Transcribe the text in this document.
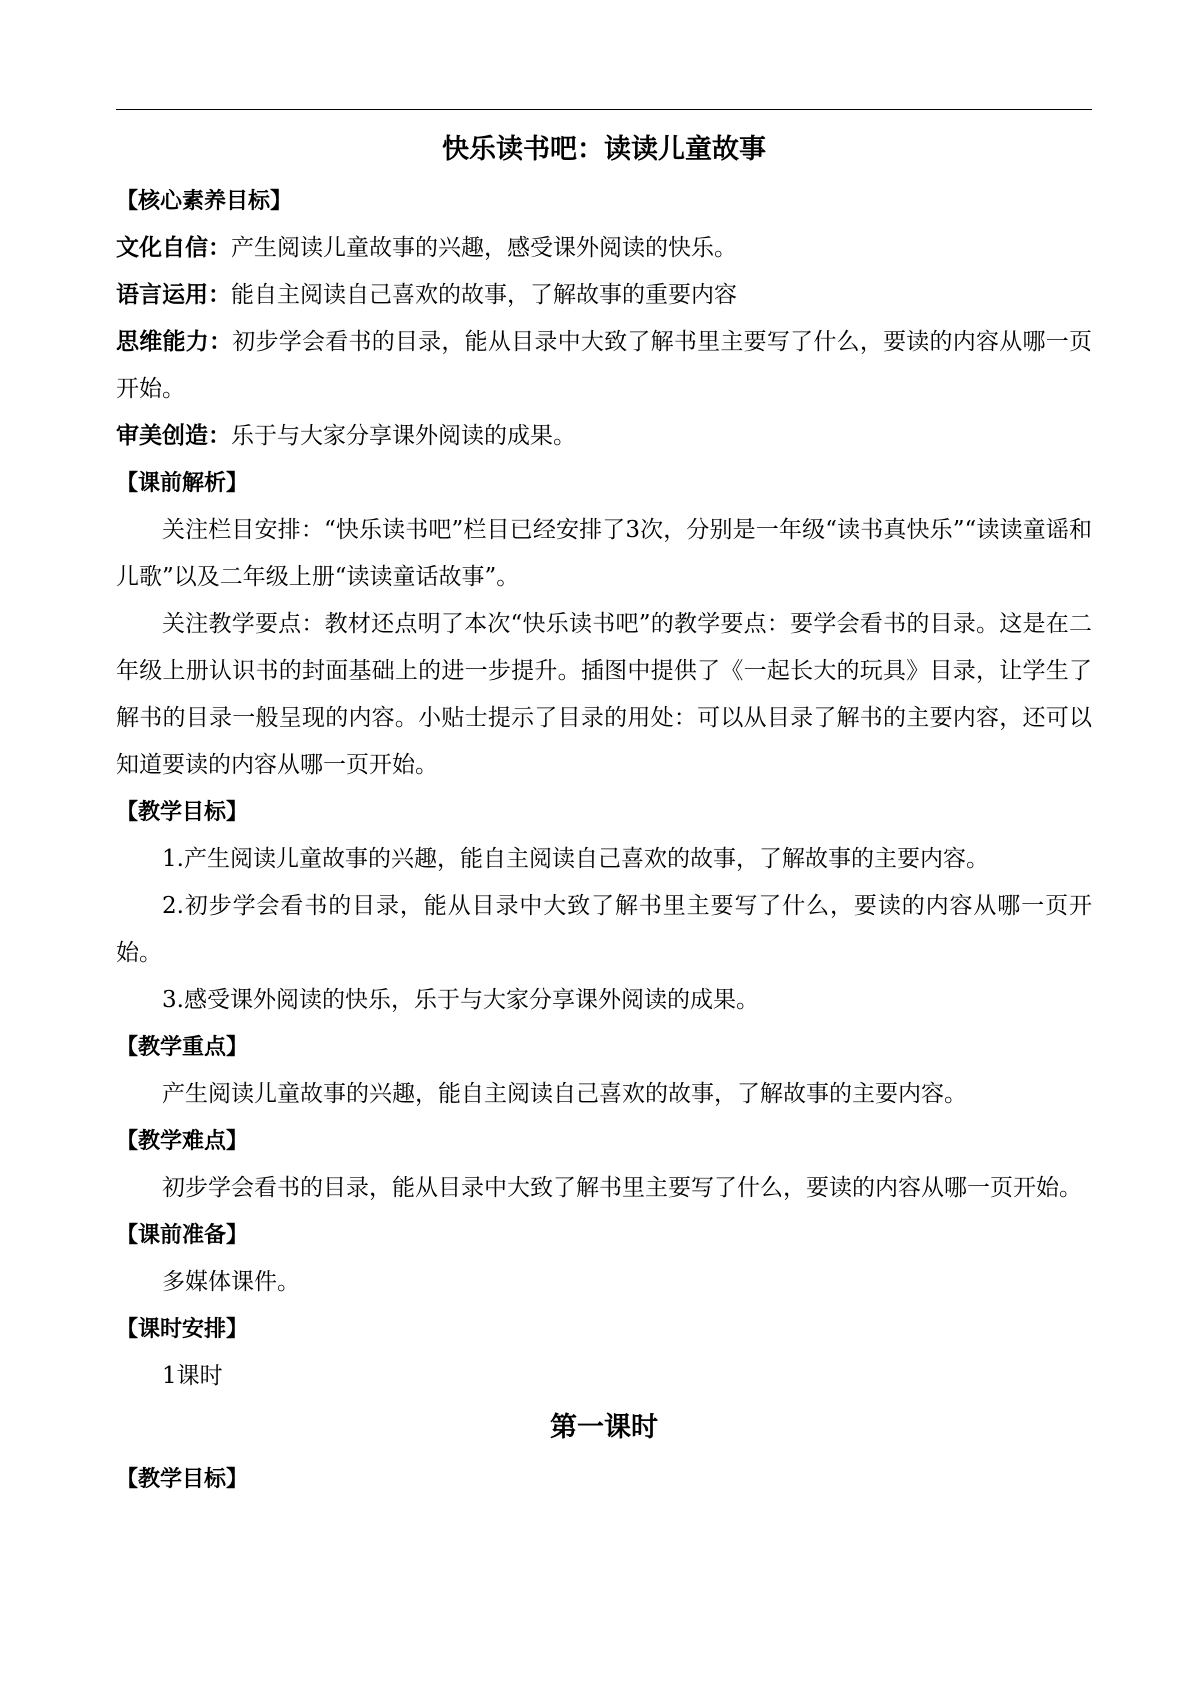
快乐读书吧：读读儿童故事
【核心素养目标】
文化自信：产生阅读儿童故事的兴趣，感受课外阅读的快乐。
语言运用：能自主阅读自己喜欢的故事，了解故事的重要内容
思维能力：初步学会看书的目录，能从目录中大致了解书里主要写了什么，要读的内容从哪一页开始。
审美创造：乐于与大家分享课外阅读的成果。
【课前解析】
关注栏目安排：“快乐读书吧”栏目已经安排了3次，分别是一年级“读书真快乐”“读读童谣和儿歌”以及二年级上册“读读童话故事”。
关注教学要点：教材还点明了本次“快乐读书吧”的教学要点：要学会看书的目录。这是在二年级上册认识书的封面基础上的进一步提升。插图中提供了《一起长大的玩具》目录，让学生了解书的目录一般呈现的内容。小贴士提示了目录的用处：可以从目录了解书的主要内容，还可以知道要读的内容从哪一页开始。
【教学目标】
1.产生阅读儿童故事的兴趣，能自主阅读自己喜欢的故事，了解故事的主要内容。
2.初步学会看书的目录，能从目录中大致了解书里主要写了什么，要读的内容从哪一页开始。
3.感受课外阅读的快乐，乐于与大家分享课外阅读的成果。
【教学重点】
产生阅读儿童故事的兴趣，能自主阅读自己喜欢的故事，了解故事的主要内容。
【教学难点】
初步学会看书的目录，能从目录中大致了解书里主要写了什么，要读的内容从哪一页开始。
【课前准备】
多媒体课件。
【课时安排】
1课时
第一课时
【教学目标】
